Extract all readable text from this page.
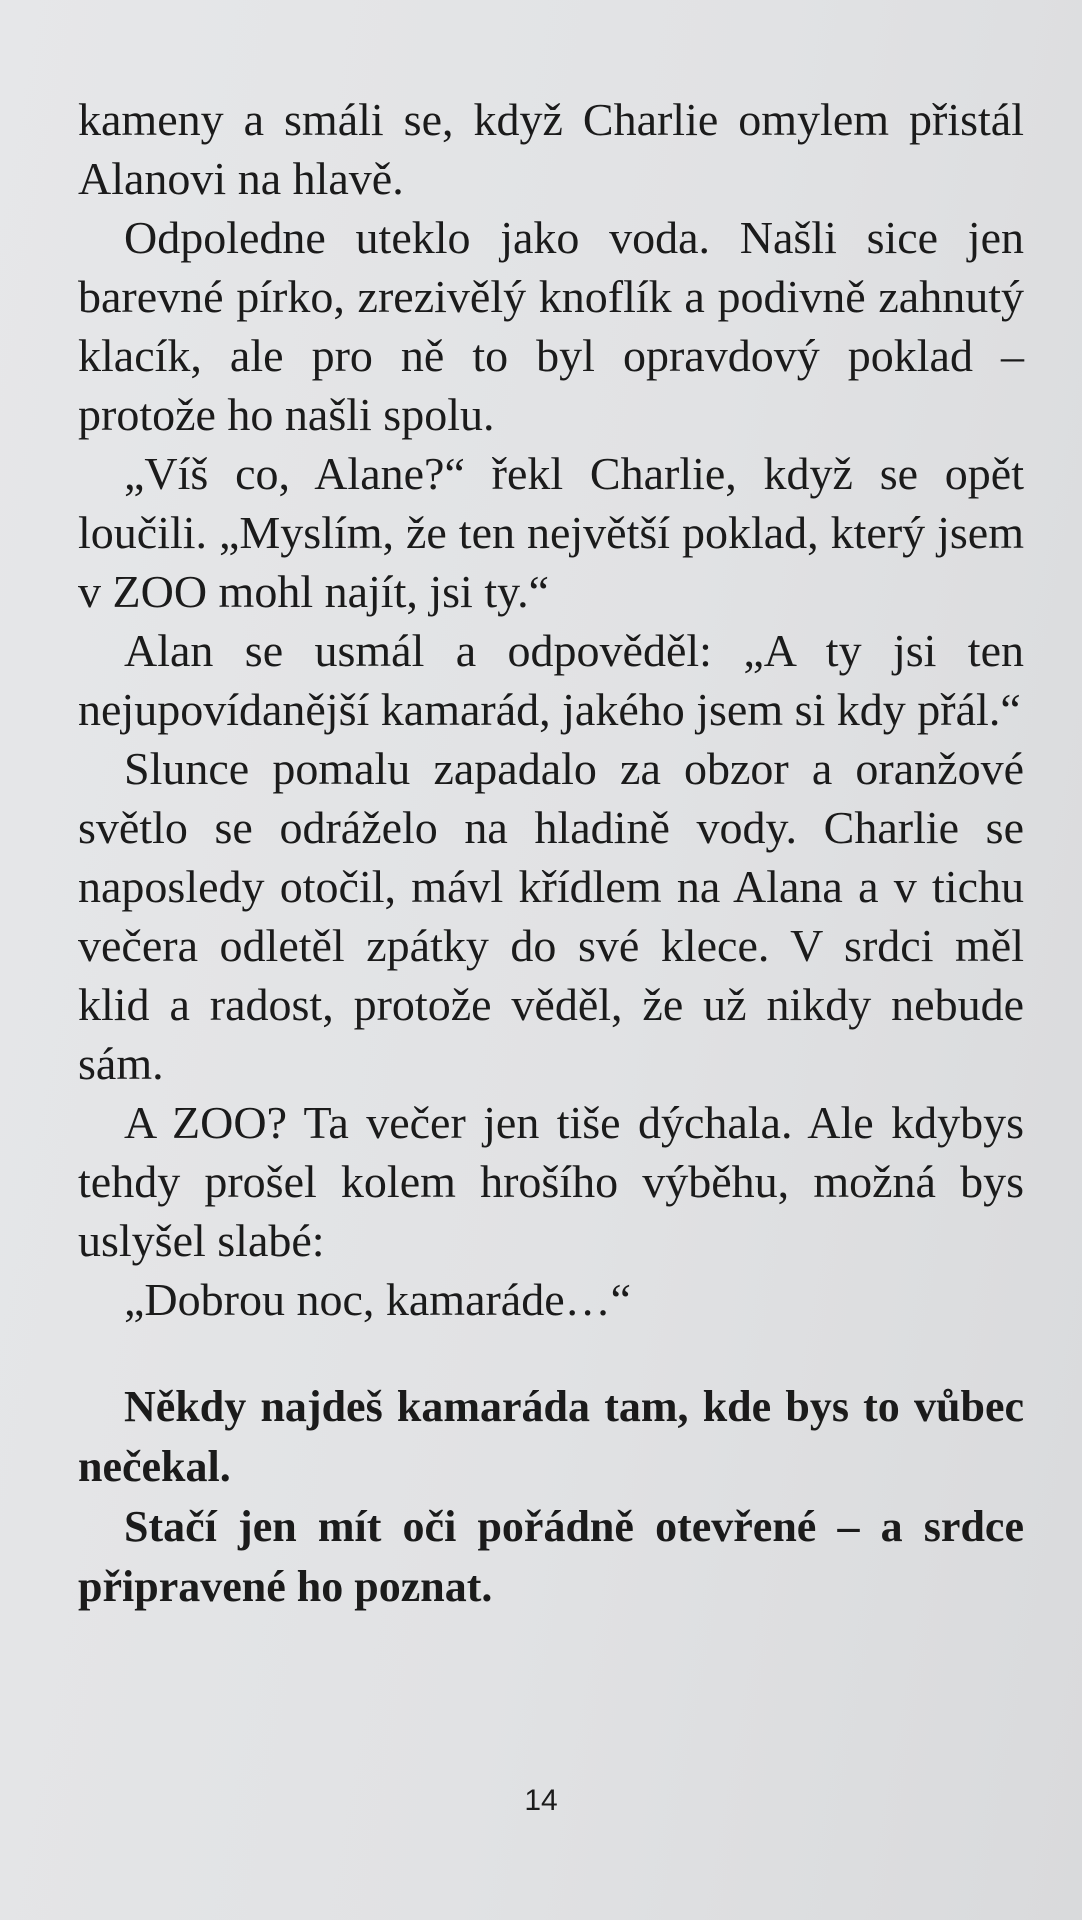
kameny a smáli se, když Charlie omylem přistál Alanovi na hlavě.

Odpoledne uteklo jako voda. Našli sice jen barevné pírko, zrezivělý knoflík a podivně zahnutý klacík, ale pro ně to byl opravdový poklad – protože ho našli spolu.

„Víš co, Alane?“ řekl Charlie, když se opět loučili. „Myslím, že ten největší poklad, který jsem v ZOO mohl najít, jsi ty.“

Alan se usmál a odpověděl: „A ty jsi ten nejupovídanější kamarád, jakého jsem si kdy přál.“

Slunce pomalu zapadalo za obzor a oranžové světlo se odráželo na hladině vody. Charlie se naposledy otočil, mávl křídlem na Alana a v tichu večera odletěl zpátky do své klece. V srdci měl klid a radost, protože věděl, že už nikdy nebude sám.

A ZOO? Ta večer jen tiše dýchala. Ale kdybys tehdy prošel kolem hrošího výběhu, možná bys uslyšel slabé:

„Dobrou noc, kamaráde…“

Někdy najdeš kamaráda tam, kde bys to vůbec nečekal.

Stačí jen mít oči pořádně otevřené – a srdce připravené ho poznat.

14
